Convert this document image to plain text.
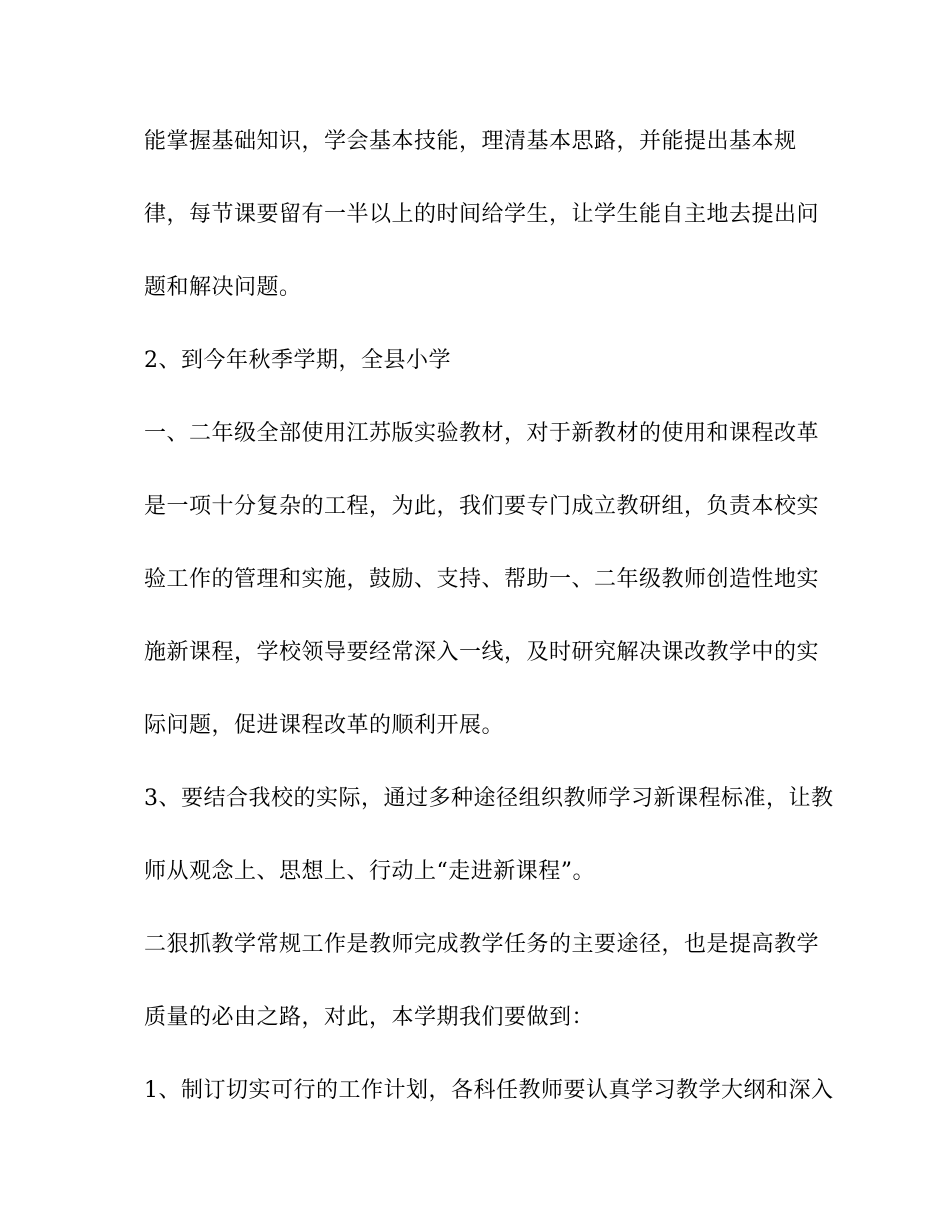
能掌握基础知识，学会基本技能，理清基本思路，并能提出基本规
律，每节课要留有一半以上的时间给学生，让学生能自主地去提出问
题和解决问题。
2、到今年秋季学期，全县小学
一、二年级全部使用江苏版实验教材，对于新教材的使用和课程改革
是一项十分复杂的工程，为此，我们要专门成立教研组，负责本校实
验工作的管理和实施，鼓励、支持、帮助一、二年级教师创造性地实
施新课程，学校领导要经常深入一线，及时研究解决课改教学中的实
际问题，促进课程改革的顺利开展。
3、要结合我校的实际，通过多种途径组织教师学习新课程标准，让教
师从观念上、思想上、行动上“走进新课程”。
二狠抓教学常规工作是教师完成教学任务的主要途径，也是提高教学
质量的必由之路，对此，本学期我们要做到：
1、制订切实可行的工作计划，各科任教师要认真学习教学大纲和深入
